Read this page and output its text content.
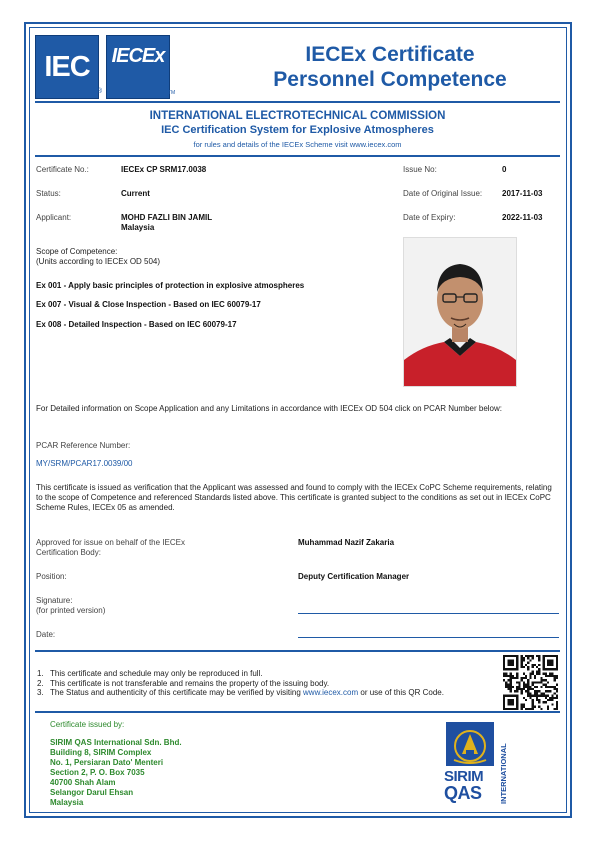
IEC
®
IECEx
TM
IECEx Certificate
Personnel Competence
INTERNATIONAL ELECTROTECHNICAL COMMISSION
IEC Certification System for Explosive Atmospheres
for rules and details of the IECEx Scheme visit www.iecex.com
Certificate No.:	IECEx CP SRM17.0038	Issue No:	0
Status:	Current	Date of Original Issue: 2017-11-03
Applicant:	MOHD FAZLI BIN JAMIL
Malaysia
Date of Expiry:	2022-11-03
Scope of Competence:
(Units according to IECEx OD 504)
Ex 001 - Apply basic principles of protection in explosive atmospheres
Ex 007 - Visual & Close Inspection - Based on IEC 60079-17
Ex 008 - Detailed Inspection - Based on IEC 60079-17
For Detailed information on Scope Application and any Limitations in accordance with IECEx OD 504 click on PCAR Number below:
PCAR Reference Number:
MY/SRM/PCAR17.0039/00
This certificate is issued as verification that the Applicant was assessed and found to comply with the IECEx CoPC Scheme requirements, relating to the scope of Competence and referenced Standards listed above. This certificate is granted subject to the conditions as set out in IECEx CoPC Scheme Rules, IECEx 05 as amended.
Approved for issue on behalf of the IECEx
Certification Body:
Muhammad Nazif Zakaria
Position:	Deputy Certification Manager
Signature:
(for printed version)
Date:
1. This certificate and schedule may only be reproduced in full.
2. This certificate is not transferable and remains the property of the issuing body.
3. The Status and authenticity of this certificate may be verified by visiting www.iecex.com or use of this QR Code.
Certificate issued by:
SIRIM QAS International Sdn. Bhd.
Building 8, SIRIM Complex
No. 1, Persiaran Dato' Menteri
Section 2, P. O. Box 7035
40700 Shah Alam
Selangor Darul Ehsan
Malaysia
SIRIM
QAS INTERNATIONAL
